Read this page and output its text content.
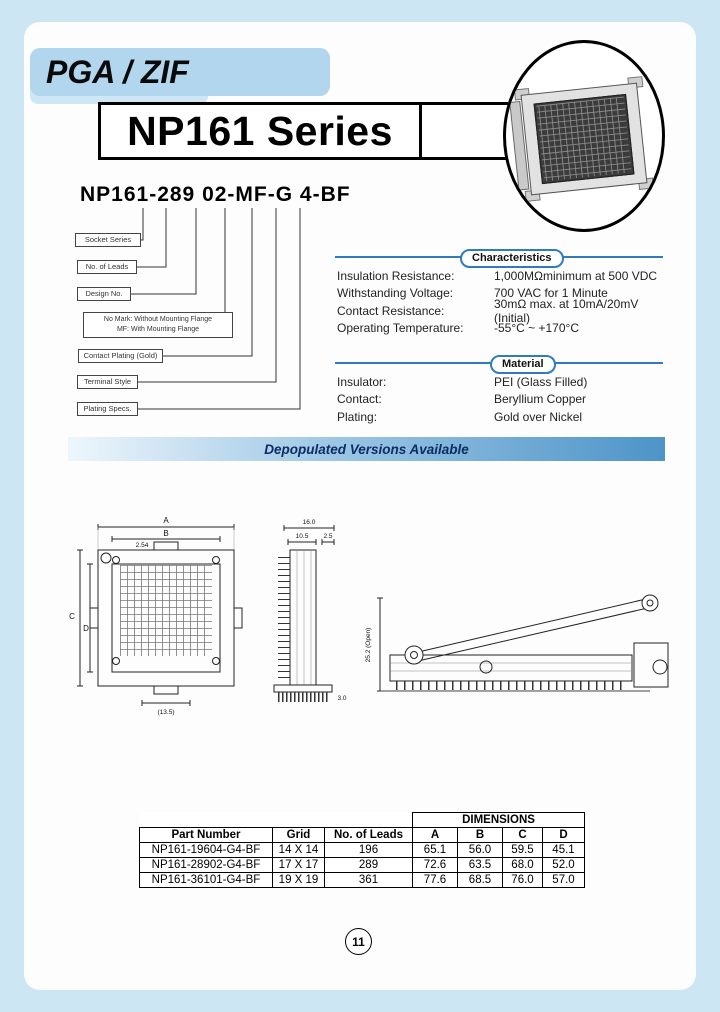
PGA / ZIF
NP161 Series
NP161-289 02-MF-G 4-BF
Socket Series
No. of Leads
Design No.
No Mark: Without Mounting Flange
MF: With Mounting Flange
Contact Plating (Gold)
Terminal Style
Plating Specs.
Characteristics
Insulation Resistance:	1,000MΩminimum at 500 VDC
Withstanding Voltage:	700 VAC for 1 Minute
Contact Resistance:	30mΩ max. at 10mA/20mV (Initial)
Operating Temperature:	-55°C ~ +170°C
Material
Insulator:	PEI (Glass Filled)
Contact:	Beryllium Copper
Plating:	Gold over Nickel
Depopulated Versions Available
A
B
C
D
2.54
(13.5)
16.0
10.5 2.5
3.0
25.2 (Open)
			DIMENSIONS			
Part Number	Grid	No. of Leads	A	B	C	D
NP161-19604-G4-BF	14 X 14	196	65.1	56.0	59.5	45.1
NP161-28902-G4-BF	17 X 17	289	72.6	63.5	68.0	52.0
NP161-36101-G4-BF	19 X 19	361	77.6	68.5	76.0	57.0
11
